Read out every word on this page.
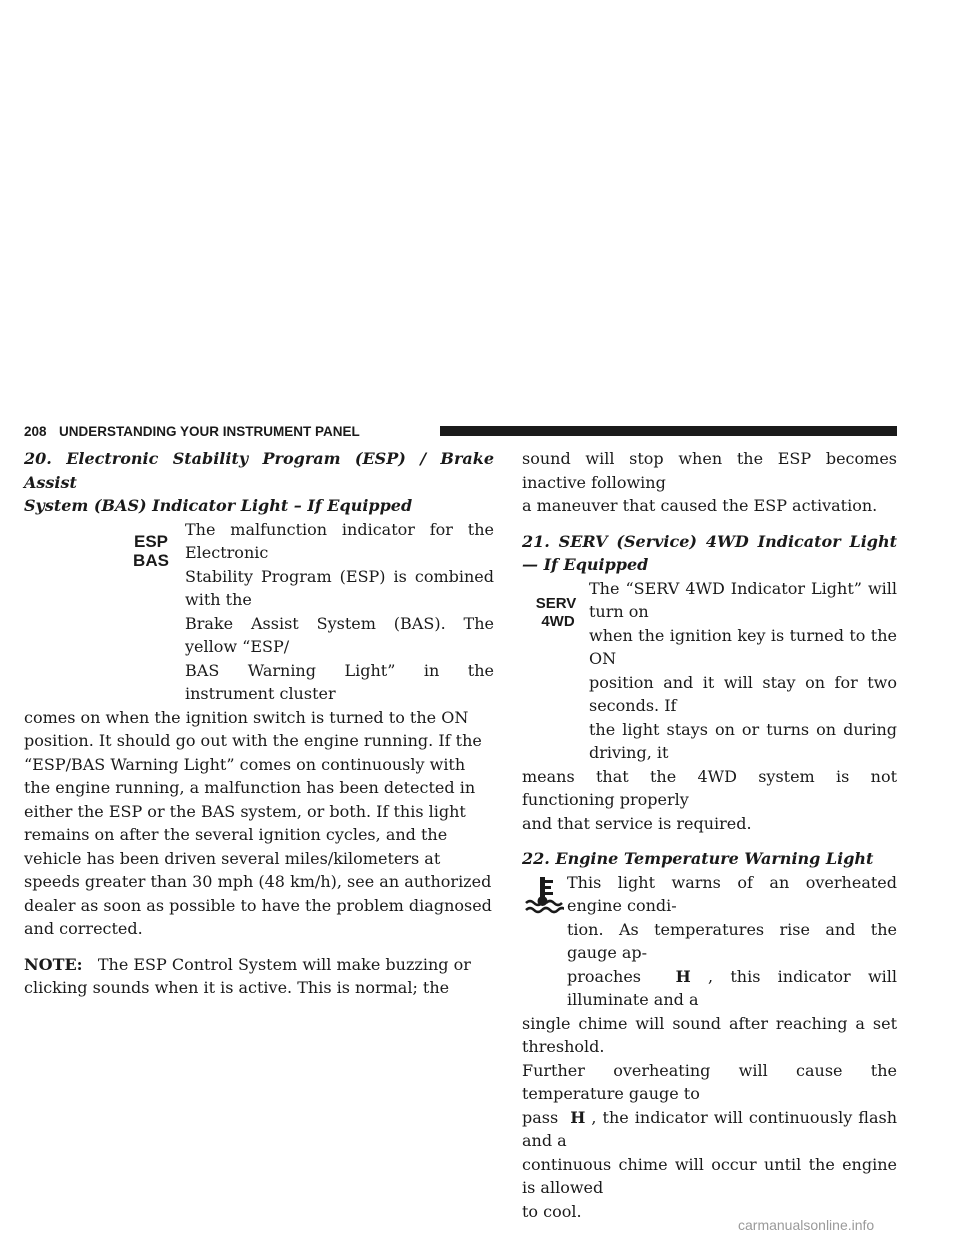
208 UNDERSTANDING YOUR INSTRUMENT PANEL

20. Electronic Stability Program (ESP) / Brake Assist
System (BAS) Indicator Light – If Equipped

ESP
BAS

The malfunction indicator for the Electronic
Stability Program (ESP) is combined with the
Brake Assist System (BAS). The yellow “ESP/
BAS Warning Light” in the instrument cluster

comes on when the ignition switch is turned to the ON
position. It should go out with the engine running. If the
“ESP/BAS Warning Light” comes on continuously with
the engine running, a malfunction has been detected in
either the ESP or the BAS system, or both. If this light
remains on after the several ignition cycles, and the
vehicle has been driven several miles/kilometers at
speeds greater than 30 mph (48 km/h), see an authorized
dealer as soon as possible to have the problem diagnosed
and corrected.

NOTE: The ESP Control System will make buzzing or
clicking sounds when it is active. This is normal; the

sound will stop when the ESP becomes inactive following
a maneuver that caused the ESP activation.

21. SERV (Service) 4WD Indicator Light — If Equipped

SERV
4WD

The “SERV 4WD Indicator Light” will turn on
when the ignition key is turned to the ON
position and it will stay on for two seconds. If
the light stays on or turns on during driving, it

means that the 4WD system is not functioning properly
and that service is required.

22. Engine Temperature Warning Light

This light warns of an overheated engine condi-
tion. As temperatures rise and the gauge ap-
proaches H , this indicator will illuminate and a

single chime will sound after reaching a set threshold.
Further overheating will cause the temperature gauge to
pass H , the indicator will continuously flash and a
continuous chime will occur until the engine is allowed
to cool.

carmanualsonline.info
